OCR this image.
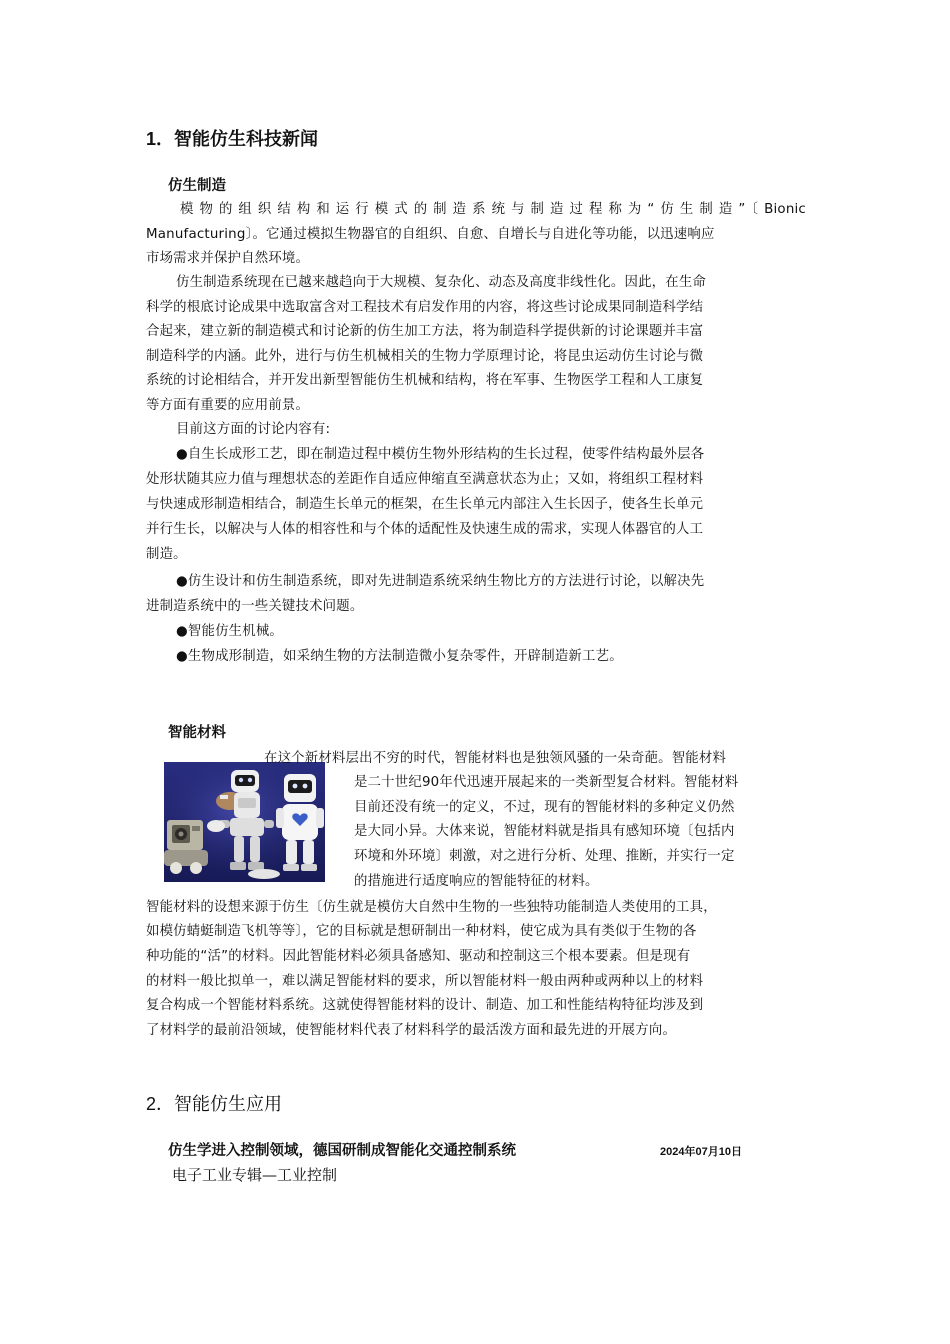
1．智能仿生科技新闻
仿生制造
模物的组织结构和运行模式的制造系统与制造过程称为“仿生制造”〔Bionic
Manufacturing〕。它通过模拟生物器官的自组织、自愈、自增长与自进化等功能，以迅速响应
市场需求并保护自然环境。
仿生制造系统现在已越来越趋向于大规模、复杂化、动态及高度非线性化。因此，在生命
科学的根底讨论成果中选取富含对工程技术有启发作用的内容，将这些讨论成果同制造科学结
合起来，建立新的制造模式和讨论新的仿生加工方法，将为制造科学提供新的讨论课题并丰富
制造科学的内涵。此外，进行与仿生机械相关的生物力学原理讨论，将昆虫运动仿生讨论与微
系统的讨论相结合，并开发出新型智能仿生机械和结构，将在军事、生物医学工程和人工康复
等方面有重要的应用前景。
目前这方面的讨论内容有:
●自生长成形工艺，即在制造过程中模仿生物外形结构的生长过程，使零件结构最外层各
处形状随其应力值与理想状态的差距作自适应伸缩直至满意状态为止；又如，将组织工程材料
与快速成形制造相结合，制造生长单元的框架，在生长单元内部注入生长因子，使各生长单元
并行生长，以解决与人体的相容性和与个体的适配性及快速生成的需求，实现人体器官的人工
制造。
●仿生设计和仿生制造系统，即对先进制造系统采纳生物比方的方法进行讨论，以解决先
进制造系统中的一些关键技术问题。
●智能仿生机械。
●生物成形制造，如采纳生物的方法制造微小复杂零件，开辟制造新工艺。
智能材料
在这个新材料层出不穷的时代，智能材料也是独领风骚的一朵奇葩。智能材料
是二十世纪90年代迅速开展起来的一类新型复合材料。智能材料
目前还没有统一的定义，不过，现有的智能材料的多种定义仍然
是大同小异。大体来说，智能材料就是指具有感知环境〔包括内
环境和外环境〕刺激，对之进行分析、处理、推断，并实行一定
的措施进行适度响应的智能特征的材料。
智能材料的设想来源于仿生〔仿生就是模仿大自然中生物的一些独特功能制造人类使用的工具，
如模仿蜻蜓制造飞机等等〕，它的目标就是想研制出一种材料，使它成为具有类似于生物的各
种功能的“活”的材料。因此智能材料必须具备感知、驱动和控制这三个根本要素。但是现有
的材料一般比拟单一，难以满足智能材料的要求，所以智能材料一般由两种或两种以上的材料
复合构成一个智能材料系统。这就使得智能材料的设计、制造、加工和性能结构特征均涉及到
了材料学的最前沿领域，使智能材料代表了材料科学的最活泼方面和最先进的开展方向。
2．智能仿生应用
仿生学进入控制领域，德国研制成智能化交通控制系统	2024年07月10日
电子工业专辑—工业控制
